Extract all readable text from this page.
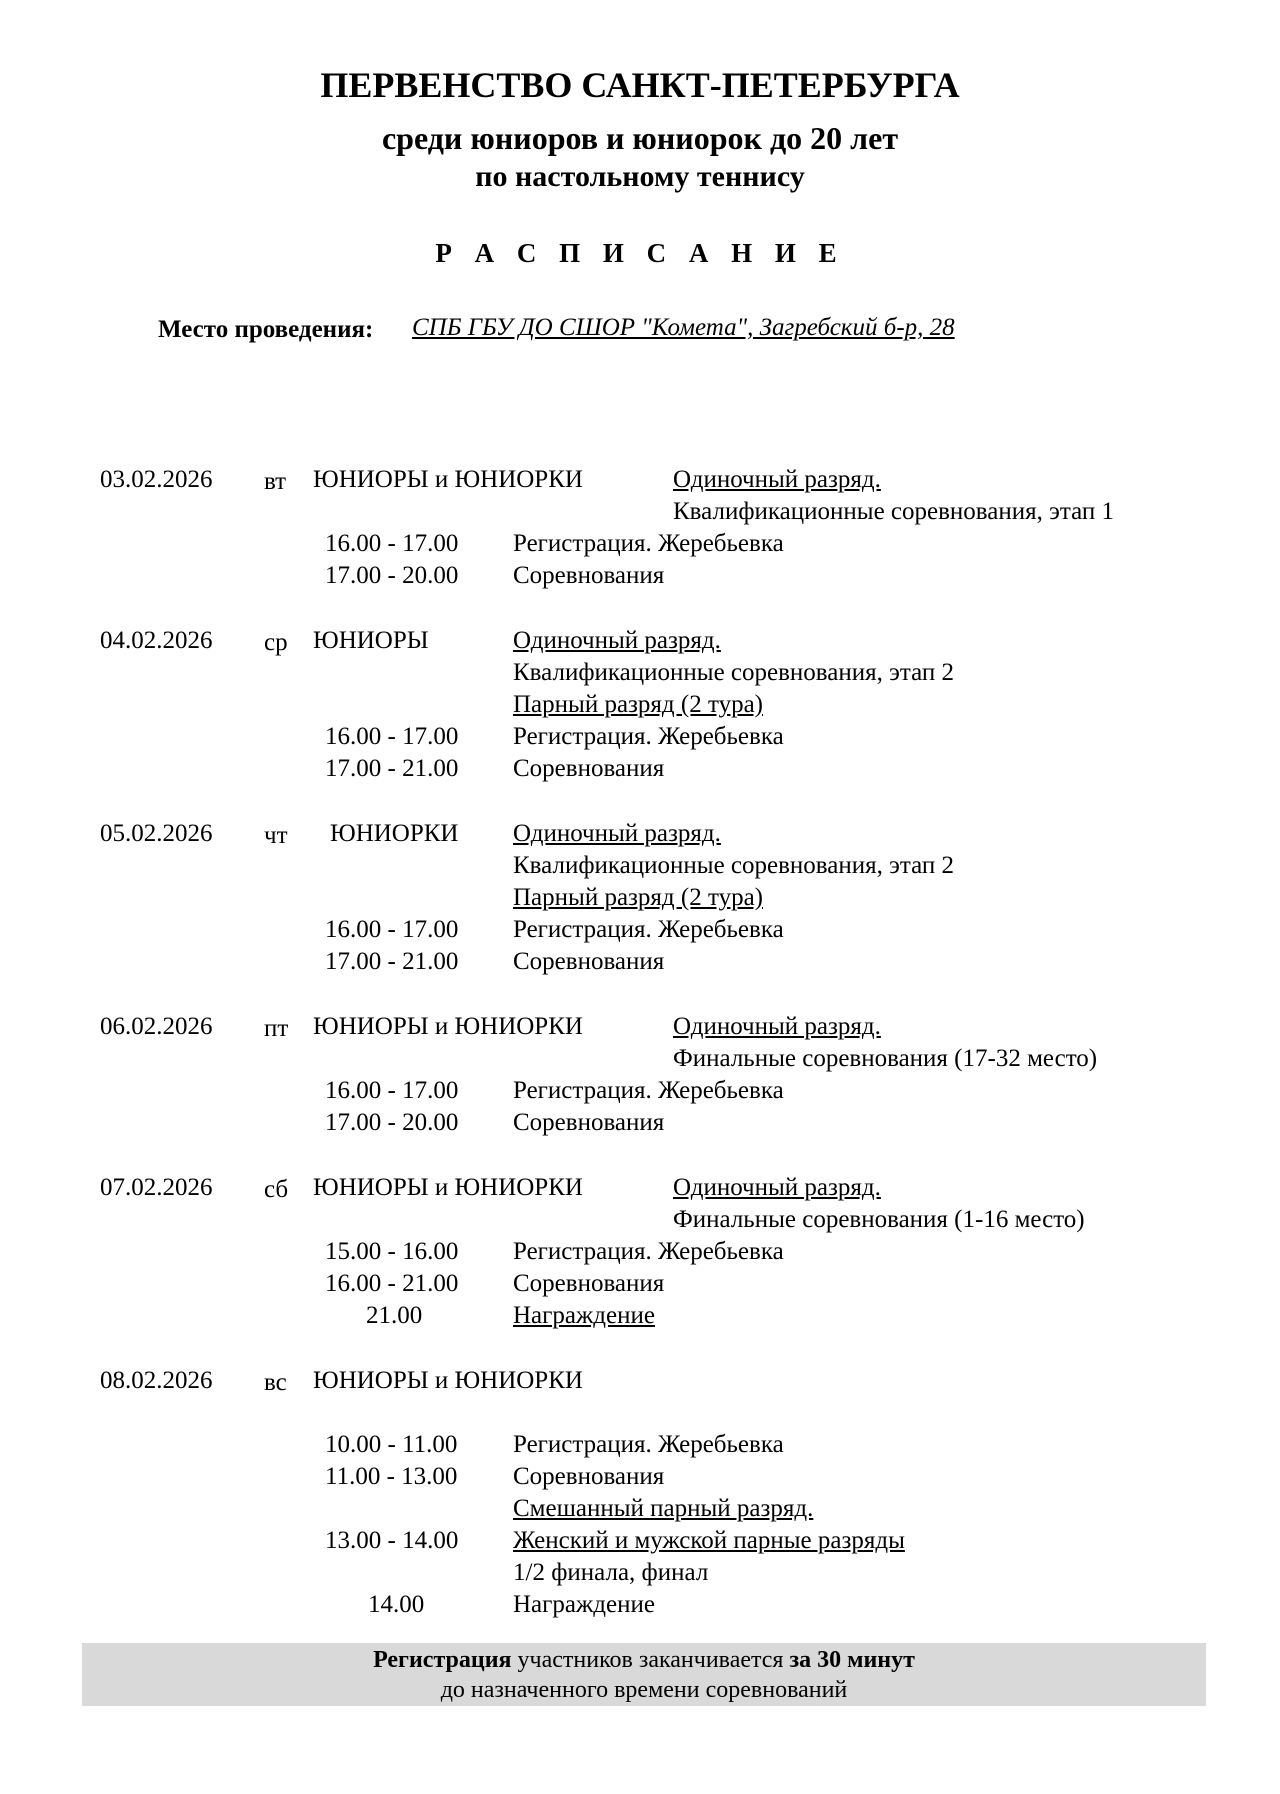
ПЕРВЕНСТВО САНКТ-ПЕТЕРБУРГА
среди юниоров и юниорок до 20 лет
по настольному теннису
Р А С П И С А Н И Е
Место проведения: СПБ ГБУ ДО СШОР "Комета", Загребский б-р, 28
03.02.2026 вт ЮНИОРЫ и ЮНИОРКИ	Одиночный разряд.
Квалификационные соревнования, этап 1
16.00 - 17.00 Регистрация. Жеребьевка
17.00 - 20.00 Соревнования
04.02.2026 ср ЮНИОРЫ	Одиночный разряд.
Квалификационные соревнования, этап 2
Парный разряд (2 тура)
16.00 - 17.00 Регистрация. Жеребьевка
17.00 - 21.00 Соревнования
05.02.2026 чт ЮНИОРКИ Одиночный разряд.
Квалификационные соревнования, этап 2
Парный разряд (2 тура)
16.00 - 17.00 Регистрация. Жеребьевка
17.00 - 21.00 Соревнования
06.02.2026 пт ЮНИОРЫ и ЮНИОРКИ	Одиночный разряд.
Финальные соревнования (17-32 место)
16.00 - 17.00 Регистрация. Жеребьевка
17.00 - 20.00 Соревнования
07.02.2026 сб ЮНИОРЫ и ЮНИОРКИ	Одиночный разряд.
Финальные соревнования (1-16 место)
15.00 - 16.00 Регистрация. Жеребьевка
16.00 - 21.00 Соревнования
21.00	Награждение
08.02.2026 вс ЮНИОРЫ и ЮНИОРКИ
10.00 - 11.00 Регистрация. Жеребьевка
11.00 - 13.00 Соревнования
Смешанный парный разряд.
13.00 - 14.00 Женский и мужской парные разряды
1/2 финала, финал
14.00	Награждение
Регистрация участников заканчивается за 30 минут
до назначенного времени соревнований
